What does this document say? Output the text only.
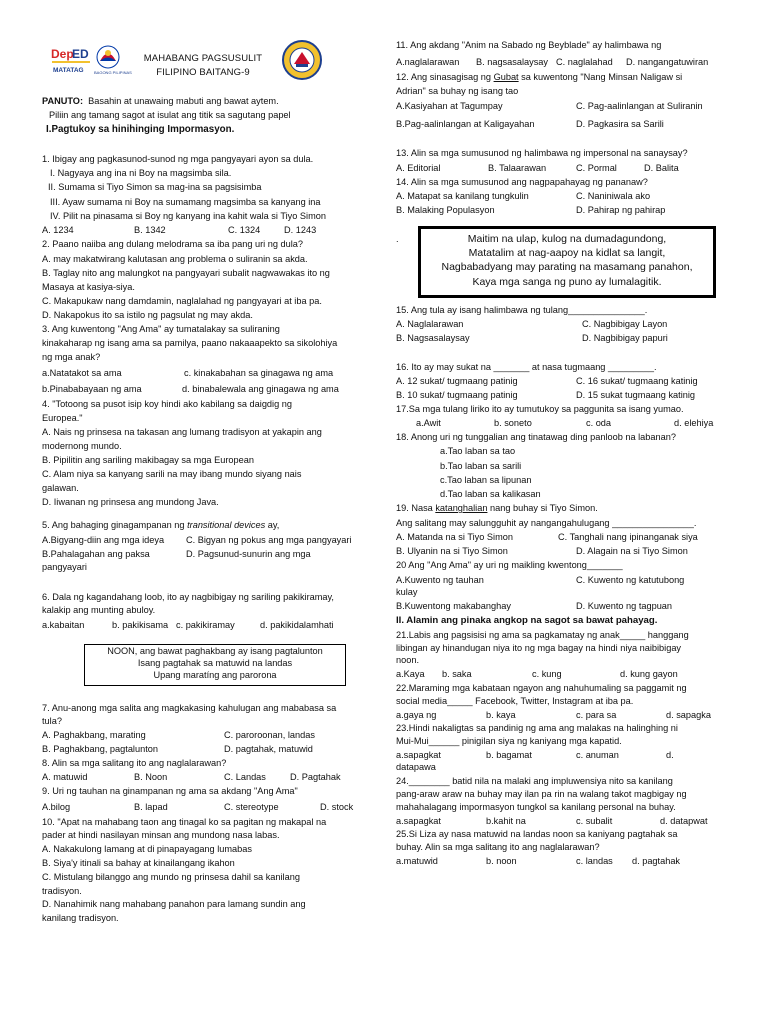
Dep
ED
MATATAG	BAGONG PILIPINAS
MAHABANG PAGSUSULIT
FILIPINO BAITANG-9
PANUTO: Basahin at unawaing mabuti ang bawat aytem.
Piliin ang tamang sagot at isulat ang titik sa sagutang papel
I.Pagtukoy sa hinihinging Impormasyon.
1. Ibigay ang pagkasunod-sunod ng mga pangyayari ayon sa dula.
I. Nagyaya ang ina ni Boy na magsimba sila.
II. Sumama si Tiyo Simon sa mag-ina sa pagsisimba
III. Ayaw sumama ni Boy na sumamang magsimba sa kanyang ina
IV. Pilit na pinasama si Boy ng kanyang ina kahit wala si Tiyo Simon
A. 1234	B. 1342	C. 1324	D. 1243
2. Paano naiiba ang dulang melodrama sa iba pang uri ng dula?
A. may makatwirang kalutasan ang problema o suliranin sa akda.
B. Taglay nito ang malungkot na pangyayari subalit nagwawakas ito ng
Masaya at kasiya-siya.
C. Makapukaw nang damdamin, naglalahad ng pangyayari at iba pa.
D. Nakapokus ito sa istilo ng pagsulat ng may akda.
3. Ang kuwentong "Ang Ama" ay tumatalakay sa suliraning
kinakaharap ng isang ama sa pamilya, paano nakaaapekto sa sikolohiya
ng mga anak?
a.Natatakot sa ama	c. kinakabahan sa ginagawa ng ama
b.Pinababayaan ng ama	d. binabalewala ang ginagawa ng ama
4. "Totoong sa pusot isip koy hindi ako kabilang sa daigdig ng
Europea."
A. Nais ng prinsesa na takasan ang lumang tradisyon at yakapin ang
modernong mundo.
B. Pipilitin ang sariling makibagay sa mga European
C. Alam niya sa kanyang sarili na may ibang mundo siyang nais
galawan.
D. Iiwanan ng prinsesa ang mundong Java.
5. Ang bahaging ginagampanan ng transitional devices ay,
A.Bigyang-diin ang mga ideya C. Bigyan ng pokus ang mga pangyayari
B.Pahalagahan ang paksa	D. Pagsunud-sunurin ang mga
pangyayari
6. Dala ng kagandahang loob, ito ay nagbibigay ng sariling pakikiramay,
kalakip ang munting abuloy.
a.kabaitan	b. pakikisama c. pakikiramay	d. pakikidalamhati
7. Anu-anong mga salita ang magkakasing kahulugan ang mababasa sa
tula?
A. Paghakbang, marating	C. paroroonan, landas
B. Paghakbang, pagtalunton	D. pagtahak, matuwid
8. Alin sa mga salitang ito ang naglalarawan?
A. matuwid	B. Noon	C. Landas	D. Pagtahak
9. Uri ng tauhan na ginampanan ng ama sa akdang "Ang Ama"
A.bilog	B. lapad	C. stereotype	D. stock
10. "Apat na mahabang taon ang tinagal ko sa pagitan ng makapal na
pader at hindi nasilayan minsan ang mundong nasa labas.
A. Nakakulong lamang at di pinapayagang lumabas
B. Siya'y itinali sa bahay at kinailangang ikahon
C. Mistulang bilanggo ang mundo ng prinsesa dahil sa kanilang
tradisyon.
D. Nanahimik nang mahabang panahon para lamang sundin ang
kanilang tradisyon.
NOON, ang bawat paghakbang ay isang pagtalunton
Isang pagtahak sa matuwid na landas
Upang maratíng ang parorona
11. Ang akdang "Anim na Sabado ng Beyblade" ay halimbawa ng
A.naglalarawan B. nagsasalaysay C. naglalahad D. nangangatuwiran
12. Ang sinasagisag ng Gubat sa kuwentong "Nang Minsan Naligaw si
Adrian" sa buhay ng isang tao
A.Kasiyahan at Tagumpay	C. Pag-aalinlangan at Suliranin
B.Pag-aalinlangan at Kaligayahan	D. Pagkasira sa Sarili
13. Alin sa mga sumusunod ng halimbawa ng impersonal na sanaysay?
A. Editorial	B. Talaarawan	C. Pormal	D. Balita
14. Alin sa mga sumusunod ang nagpapahayag ng pananaw?
A. Matapat sa kanilang tungkulin	C. Naniniwala ako
B. Malaking Populasyon	D. Pahirap ng pahirap
.
15. Ang tula ay isang halimbawa ng tulang_______________.
A. Naglalarawan	C. Nagbibigay Layon
B. Nagsasalaysay	D. Nagbibigay papuri
16. Ito ay may sukat na _______ at nasa tugmaang _________.
A. 12 sukat/ tugmaang patinig	C. 16 sukat/ tugmaang katinig
B. 10 sukat/ tugmaang patinig	D. 15 sukat tugmaang katinig
17.Sa mga tulang liriko ito ay tumutukoy sa paggunita sa isang yumao.
a.Awit	b. soneto	c. oda	d. elehiya
18. Anong uri ng tunggalian ang tinatawag ding panloob na labanan?
a.Tao laban sa tao
b.Tao laban sa sarili
c.Tao laban sa lipunan
d.Tao laban sa kalikasan
19. Nasa katanghalian nang buhay si Tiyo Simon.
Ang salitang may salungguhit ay nangangahulugang ________________.
A. Matanda na si Tiyo Simon	C. Tanghali nang ipinanganak siya
B. Ulyanin na si Tiyo Simon	D. Alagain na si Tiyo Simon
20 Ang "Ang Ama" ay uri ng maikling kwentong_______
A.Kuwento ng tauhan	C. Kuwento ng katutubong
kulay
B.Kuwentong makabanghay	D. Kuwento ng tagpuan
II. Alamin ang pinaka angkop na sagot sa bawat pahayag.
21.Labis ang pagsisisi ng ama sa pagkamatay ng anak_____ hanggang
libingan ay hinandugan niya ito ng mga bagay na hindi niya naibibigay
noon.
a.Kaya b. saka	c. kung	d. kung gayon
22.Maraming mga kabataan ngayon ang nahuhumaling sa paggamit ng
social media_____ Facebook, Twitter, Instagram at iba pa.
a.gaya ng	b. kaya	c. para sa	d. sapagka
23.Hindi nakaligtas sa pandinig ng ama ang malakas na halinghing ni
Mui-Mui______ pinigilan siya ng kaniyang mga kapatid.
a.sapagkat	b. bagamat	c. anuman	d.
datapawa
24.________ batid nila na malaki ang impluwensiya nito sa kanilang
pang-araw araw na buhay may ilan pa rin na walang takot magbigay ng
mahahalagang impormasyon tungkol sa kanilang personal na buhay.
a.sapagkat	b.kahit na	c. subalit	d. datapwat
25.Si Liza ay nasa matuwid na landas noon sa kaniyang pagtahak sa
buhay. Alin sa mga salitang ito ang naglalarawan?
a.matuwid	b. noon	c. landas d. pagtahak
Maitim na ulap, kulog na dumadagundong,
Matatalim at nag-aapoy na kidlat sa langit,
Nagbabadyang may parating na masamang panahon,
Kaya mga sanga ng puno ay lumalagitik.
